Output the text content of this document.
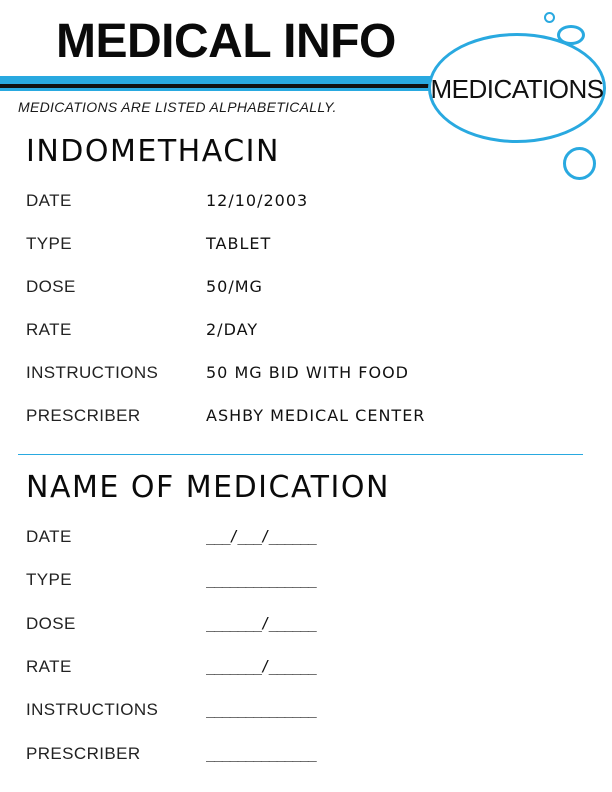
MEDICAL INFO
MEDICATIONS

MEDICATIONS ARE LISTED ALPHABETICALLY.

INDOMETHACIN
DATE	12/10/2003
TYPE	TABLET
DOSE	50/MG
RATE	2/DAY
INSTRUCTIONS	50 MG BID WITH FOOD
PRESCRIBER	ASHBY MEDICAL CENTER
NAME OF MEDICATION
DATE	___/___/______
TYPE	______________
DOSE	_______/______
RATE	_______/______
INSTRUCTIONS	______________
PRESCRIBER	______________
